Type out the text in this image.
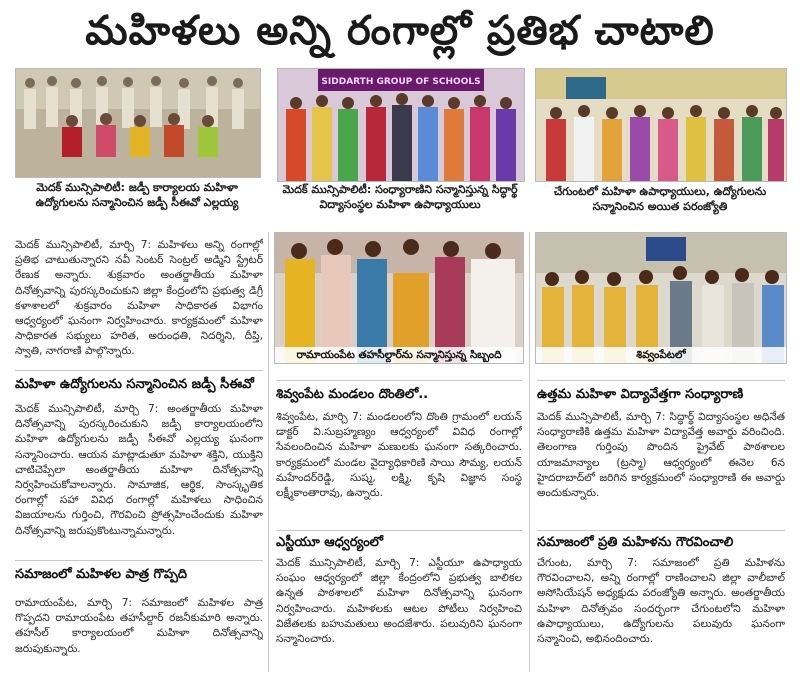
మహిళలు అన్ని రంగాల్లో ప్రతిభ చాటాలి
మెదక్ మున్సిపాలిటీ: జడ్పీ కార్యాలయ మహిళా ఉద్యోగులను సన్మానించిన జడ్పీ సీఈవో ఎల్లయ్య
SIDDARTH GROUP OF SCHOOLS
మెదక్ మున్సిపాలిటీ: సంధ్యారాణిని సన్మానిస్తున్న సిద్ధార్థ్ విద్యాసంస్థల మహిళా ఉపాధ్యాయులు
చేగుంటలో మహిళా ఉపాధ్యాయులు, ఉద్యోగులను సన్మానించిన అయిత పరంజ్యోతి
మెదక్ మున్సిపాలిటీ, మార్చి 7: మహిళలు అన్ని రంగాల్లో ప్రతిభ చాటుతున్నారని నవీ సెంటర్ సెంట్రల్ అడ్మిని స్ట్రేటర్ రేణుక అన్నారు. శుక్రవారం అంతర్జాతీయ మహిళా దినోత్సవాన్ని పురస్కరించుకుని జిల్లా కేంద్రంలోని ప్రభుత్వ డిగ్రీ కళాశాలలో శుక్రవారం మహిళా సాధికారత విభాగం ఆధ్వర్యంలో ఘనంగా నిర్వహించారు. కార్యక్రమంలో మహిళా సాధికారత సభ్యులు హరిత, అరుంధతి, నిదర్శిని, దీప్తి, స్వాతి, నాగరాణి పాల్గొన్నారు.
మహిళా ఉద్యోగులను సన్మానించిన జడ్పీ సీఈవో
మెదక్ మున్సిపాలిటీ, మార్చి 7: అంతర్జాతీయ మహిళా దినోత్సవాన్ని పురస్కరించుకుని జడ్పీ కార్యాలయంలోని మహిళా ఉద్యోగులను జడ్పీ సీఈవో ఎల్లయ్య ఘనంగా సన్మానించారు. ఆయన మాట్లాడుతూ మహిళా శక్తిని, యుక్తిని చాటిచెప్పేలా అంతర్జాతీయ మహిళా దినోత్సవాన్ని నిర్వహించుకోవాలన్నారు. సామాజిక, ఆర్థిక, సాంస్కృతిక రంగాల్లో సహా వివిధ రంగాల్లో మహిళలు సాధించిన విజయాలను గుర్తించి, గౌరవించి ప్రోత్సహించేందుకు మహిళా దినోత్సవాన్ని జరుపుకొంటున్నామన్నారు.
సమాజంలో మహిళల పాత్ర గొప్పది
రామాయంపేట, మార్చి 7: సమాజంలో మహిళల పాత్ర గొప్పదని రామాయంపేట తహసీల్దార్ రజనీకుమారి అన్నారు. తహసీల్ కార్యాలయంలో మహిళా దినోత్సవాన్ని జరుపుకున్నారు.
రామాయంపేట తహసీల్దార్‌ను సన్మానిస్తున్న సిబ్బంది
శివ్వంపేట మండలం దొంతిలో..
శివ్వంపేట, మార్చి 7: మండలంలోని దొంతి గ్రామంలో లయన్ డాక్టర్ వి.సుబ్రహ్మణ్యం ఆధ్వర్యంలో వివిధ రంగాల్లో సేవలందించిన మహిళా మణులకు ఘనంగా సత్కరించారు. కార్యక్రమంలో మండల వైద్యాధికారిణి సాయి సౌమ్య, లయన్ మహేందర్‌రెడ్డి, సుష్మ, లక్ష్మి, కృషి విజ్ఞాన సంస్థ లక్ష్మీకాంతారావు, ఉన్నారు.
ఎస్టీయూ ఆధ్వర్యంలో
మెదక్ మున్సిపాలిటీ, మార్చి 7: ఎస్టీయూ ఉపాధ్యాయ సంఘం ఆధ్వర్యంలో జిల్లా కేంద్రంలోని ప్రభుత్వ బాలికల ఉన్నత పాఠశాలలో మహిళా దినోత్సవాన్ని ఘనంగా నిర్వహించారు. మహిళలకు ఆటల పోటీలు నిర్వహించి విజేతలకు బహుమతులు అందజేశారు. పలువురిని ఘనంగా సన్మానించారు.
శివ్వంపేటలో
ఉత్తమ మహిళా విద్యావేత్తగా సంధ్యారాణి
మెదక్ మున్సిపాలిటీ, మార్చి 7: సిద్ధార్థ్ విద్యాసంస్థల అధినేత సంధ్యారాణికి ఉత్తమ మహిళా విద్యావేత్త అవార్డు వరించింది. తెలంగాణ గుర్తింపు పొందిన ప్రైవేట్ పాఠశాలల యాజమాన్యాల (ట్రస్మా) ఆధ్వర్యంలో ఈనెల 6న హైదరాబాద్‌లో జరిగిన కార్యక్రమంలో సంధ్యారాణి ఈ అవార్డు అందుకున్నారు.
సమాజంలో ప్రతి మహిళను గౌరవించాలి
చేగుంట, మార్చి 7: సమాజంలో ప్రతి మహిళను గౌరవించాలని, అన్ని రంగాల్లో రాణించాలని జిల్లా వాలీబాల్ అసోసియేషన్ అధ్యక్షుడు పరంజ్యోతి అన్నారు. అంతర్జాతీయ మహిళా దినోత్సవం సందర్భంగా చేగుంటలోని మహిళా ఉపాధ్యాయులు, ఉద్యోగులను పలువురు ఘనంగా సన్మానించి, అభినందించారు.
